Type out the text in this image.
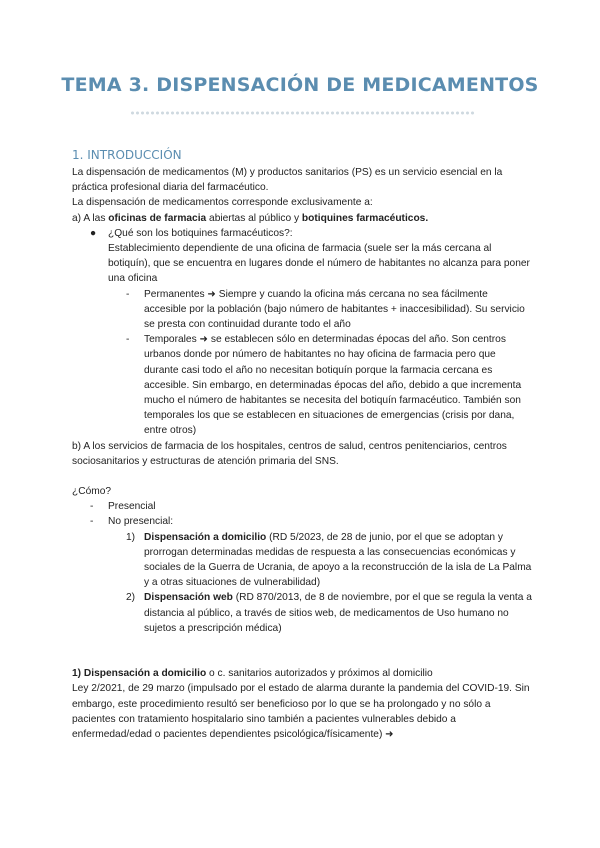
TEMA 3. DISPENSACIÓN DE MEDICAMENTOS
1. INTRODUCCIÓN

La dispensación de medicamentos (M) y productos sanitarios (PS) es un servicio esencial en la práctica profesional diaria del farmacéutico.

La dispensación de medicamentos corresponde exclusivamente a:

a) A las oficinas de farmacia abiertas al público y botiquines farmacéuticos.

● ¿Qué son los botiquines farmacéuticos?:

Establecimiento dependiente de una oficina de farmacia (suele ser la más cercana al botiquín), que se encuentra en lugares donde el número de habitantes no alcanza para poner una oficina

- Permanentes ➜ Siempre y cuando la oficina más cercana no sea fácilmente accesible por la población (bajo número de habitantes + inaccesibilidad). Su servicio se presta con continuidad durante todo el año

- Temporales ➜ se establecen sólo en determinadas épocas del año. Son centros urbanos donde por número de habitantes no hay oficina de farmacia pero que durante casi todo el año no necesitan botiquín porque la farmacia cercana es accesible. Sin embargo, en determinadas épocas del año, debido a que incrementa mucho el número de habitantes se necesita del botiquín farmacéutico. También son temporales los que se establecen en situaciones de emergencias (crisis por dana, entre otros)

b) A los servicios de farmacia de los hospitales, centros de salud, centros penitenciarios, centros sociosanitarios y estructuras de atención primaria del SNS.

¿Cómo?

- Presencial

- No presencial:

1) Dispensación a domicilio (RD 5/2023, de 28 de junio, por el que se adoptan y prorrogan determinadas medidas de respuesta a las consecuencias económicas y sociales de la Guerra de Ucrania, de apoyo a la reconstrucción de la isla de La Palma y a otras situaciones de vulnerabilidad)

2) Dispensación web (RD 870/2013, de 8 de noviembre, por el que se regula la venta a distancia al público, a través de sitios web, de medicamentos de Uso humano no sujetos a prescripción médica)

1) Dispensación a domicilio o c. sanitarios autorizados y próximos al domicilio

Ley 2/2021, de 29 marzo (impulsado por el estado de alarma durante la pandemia del COVID-19. Sin embargo, este procedimiento resultó ser beneficioso por lo que se ha prolongado y no sólo a pacientes con tratamiento hospitalario sino también a pacientes vulnerables debido a enfermedad/edad o pacientes dependientes psicológica/físicamente) ➜
